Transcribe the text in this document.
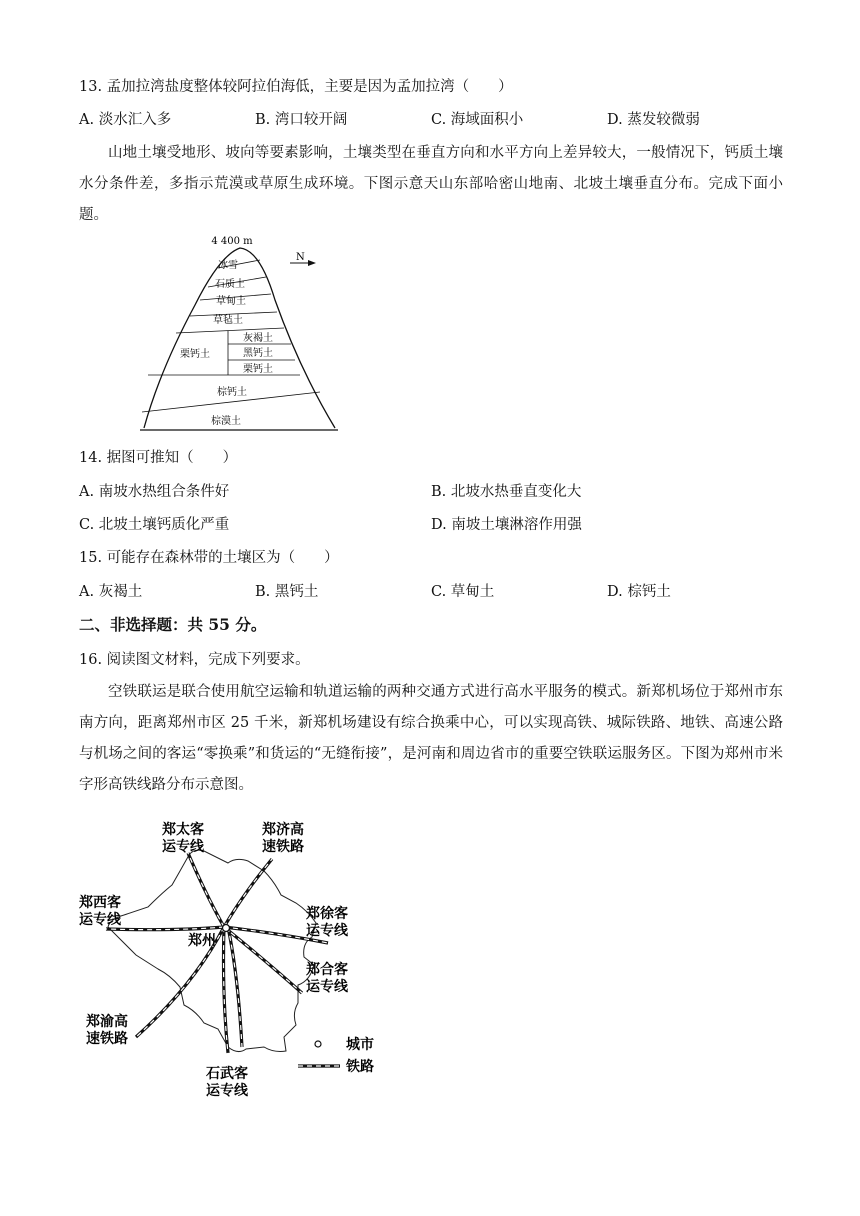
13. 孟加拉湾盐度整体较阿拉伯海低，主要是因为孟加拉湾（　　）
A. 淡水汇入多	B. 湾口较开阔	C. 海域面积小	D. 蒸发较微弱
山地土壤受地形、坡向等要素影响，土壤类型在垂直方向和水平方向上差异较大，一般情况下，钙质土壤水分条件差，多指示荒漠或草原生成环境。下图示意天山东部哈密山地南、北坡土壤垂直分布。完成下面小题。
4 400 m
N
冰雪
石质土
草甸土
草毡土
灰褐土
黑钙土
栗钙土
栗钙土
棕钙土
棕漠土
14. 据图可推知（　　）
A. 南坡水热组合条件好	B. 北坡水热垂直变化大
C. 北坡土壤钙质化严重	D. 南坡土壤淋溶作用强
15. 可能存在森林带的土壤区为（　　）
A. 灰褐土	B. 黑钙土	C. 草甸土	D. 棕钙土
二、非选择题：共 55 分。
16. 阅读图文材料，完成下列要求。
空铁联运是联合使用航空运输和轨道运输的两种交通方式进行高水平服务的模式。新郑机场位于郑州市东南方向，距离郑州市区 25 千米，新郑机场建设有综合换乘中心，可以实现高铁、城际铁路、地铁、高速公路与机场之间的客运“零换乘”和货运的“无缝衔接”，是河南和周边省市的重要空铁联运服务区。下图为郑州市米字形高铁线路分布示意图。
郑州
郑太客
运专线
郑济高
速铁路
郑西客
运专线	郑徐客
运专线
郑合客
运专线
郑渝高
速铁路
石武客
运专线
城市
铁路
